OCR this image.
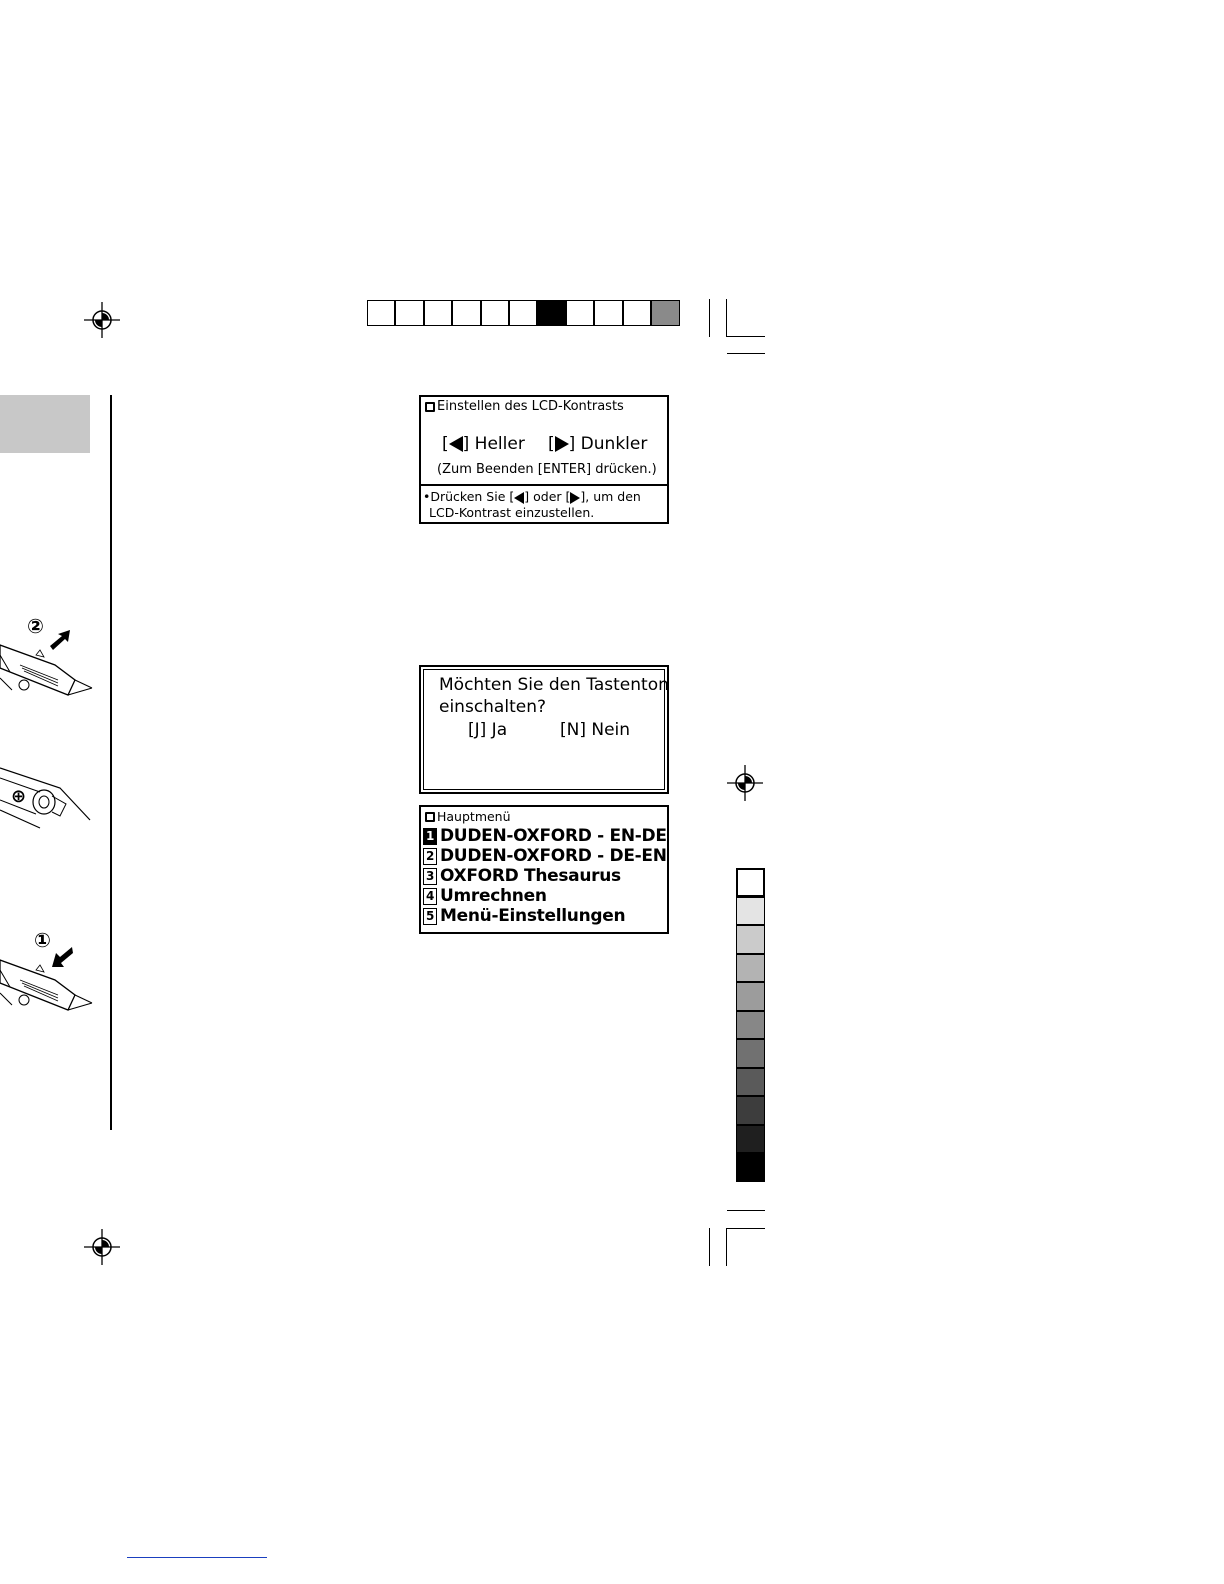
②
⊕
①
Einstellen des LCD-Kontrasts
[ ] Heller [ ] Dunkler
(Zum Beenden [ENTER] drücken.)
•Drücken Sie [ ] oder [ ], um den
LCD-Kontrast einzustellen.
Möchten Sie den Tastenton
einschalten?
[J] Ja	[N] Nein
Hauptmenü
1 DUDEN-OXFORD - EN-DE
2 DUDEN-OXFORD - DE-EN
3 OXFORD Thesaurus
4 Umrechnen
5 Menü-Einstellungen
